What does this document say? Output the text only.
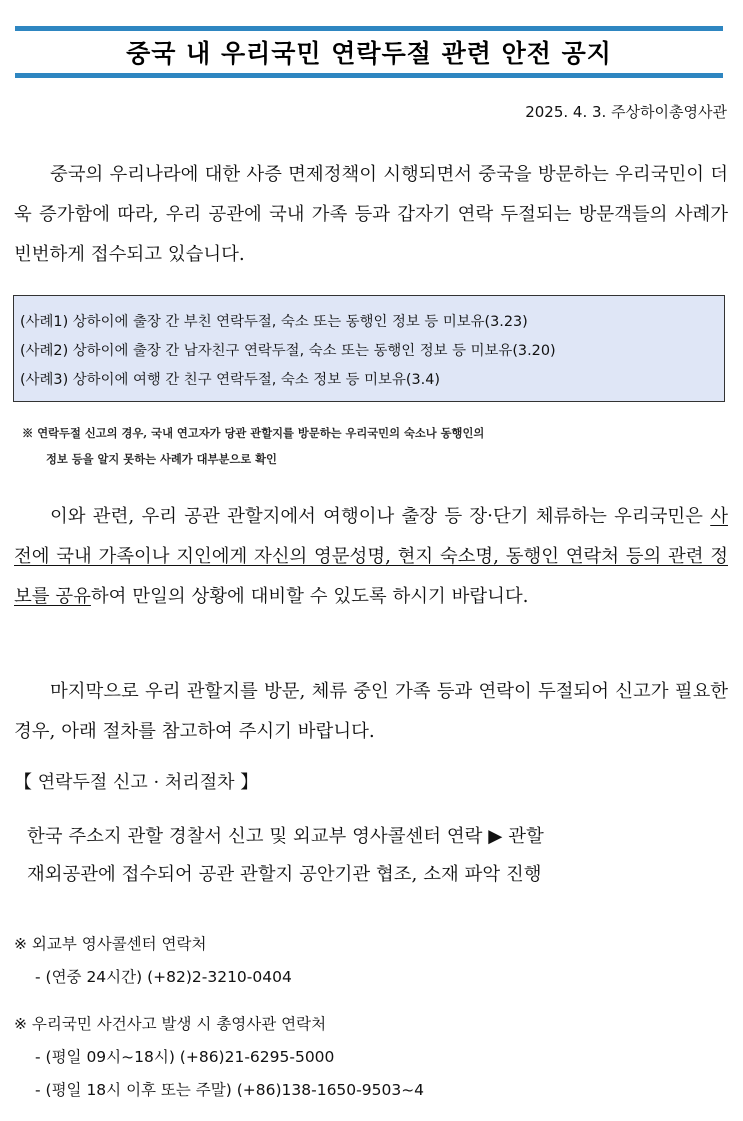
중국 내 우리국민 연락두절 관련 안전 공지
2025. 4. 3. 주상하이총영사관

중국의 우리나라에 대한 사증 면제정책이 시행되면서 중국을 방문하는 우리국민이 더욱 증가함에 따라, 우리 공관에 국내 가족 등과 갑자기 연락 두절되는 방문객들의 사례가 빈번하게 접수되고 있습니다.

(사례1) 상하이에 출장 간 부친 연락두절, 숙소 또는 동행인 정보 등 미보유(3.23)
(사례2) 상하이에 출장 간 남자친구 연락두절, 숙소 또는 동행인 정보 등 미보유(3.20)
(사례3) 상하이에 여행 간 친구 연락두절, 숙소 정보 등 미보유(3.4)
※ 연락두절 신고의 경우, 국내 연고자가 당관 관할지를 방문하는 우리국민의 숙소나 동행인의
정보 등을 알지 못하는 사례가 대부분으로 확인

이와 관련, 우리 공관 관할지에서 여행이나 출장 등 장·단기 체류하는 우리국민은 사전에 국내 가족이나 지인에게 자신의 영문성명, 현지 숙소명, 동행인 연락처 등의 관련 정보를 공유하여 만일의 상황에 대비할 수 있도록 하시기 바랍니다.

마지막으로 우리 관할지를 방문, 체류 중인 가족 등과 연락이 두절되어 신고가 필요한 경우, 아래 절차를 참고하여 주시기 바랍니다.

【 연락두절 신고 · 처리절차 】
한국 주소지 관할 경찰서 신고 및 외교부 영사콜센터 연락 ▶ 관할
재외공관에 접수되어 공관 관할지 공안기관 협조, 소재 파악 진행
※ 외교부 영사콜센터 연락처
- (연중 24시간) (+82)2-3210-0404
※ 우리국민 사건사고 발생 시 총영사관 연락처
- (평일 09시~18시) (+86)21-6295-5000
- (평일 18시 이후 또는 주말) (+86)138-1650-9503~4
